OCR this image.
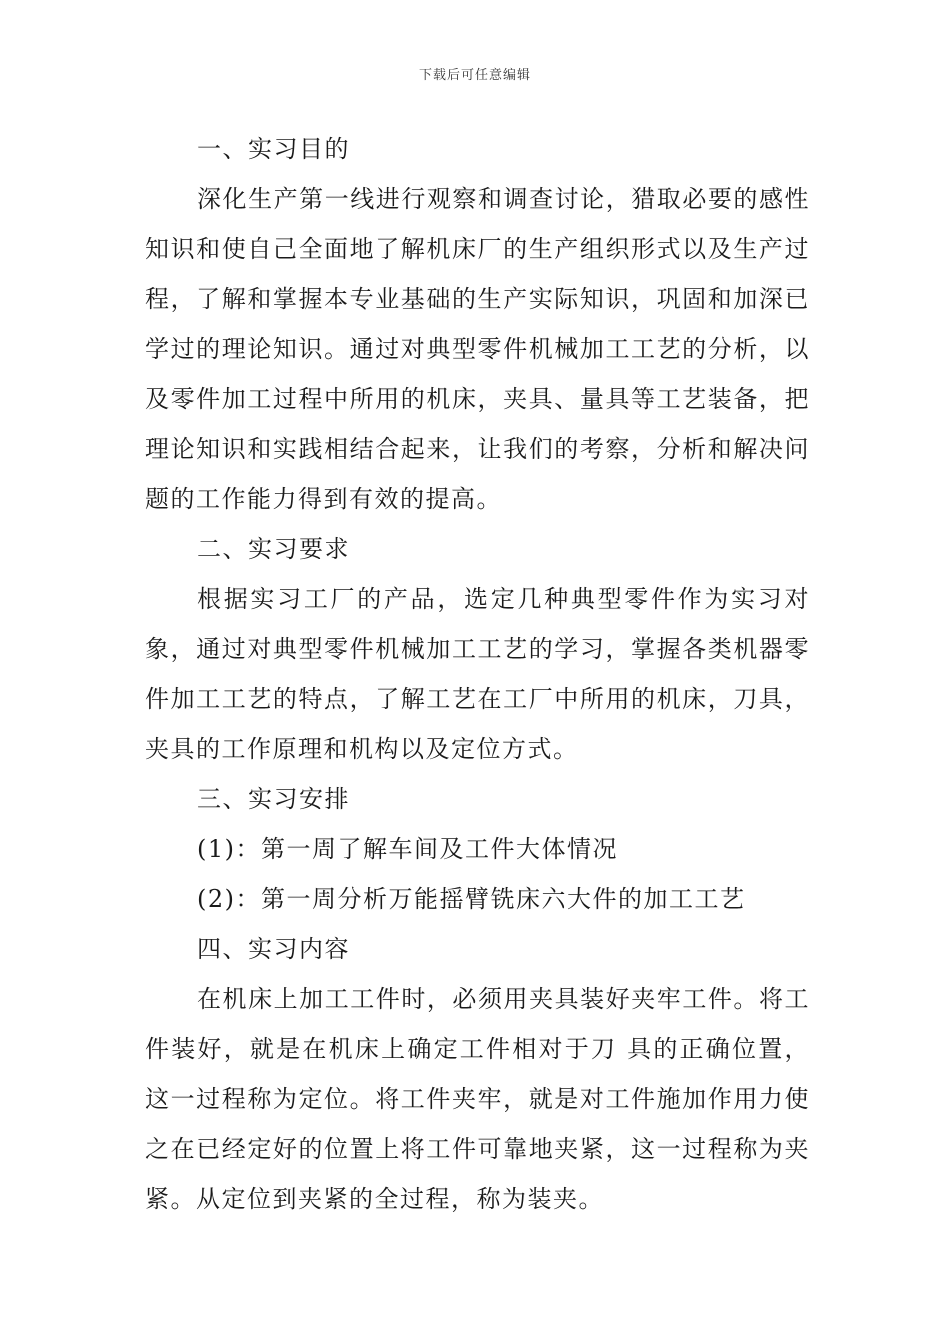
下载后可任意编辑

一、实习目的

深化生产第一线进行观察和调查讨论，猎取必要的感性知识和使自己全面地了解机床厂的生产组织形式以及生产过程，了解和掌握本专业基础的生产实际知识，巩固和加深已学过的理论知识。通过对典型零件机械加工工艺的分析，以及零件加工过程中所用的机床，夹具、量具等工艺装备，把理论知识和实践相结合起来，让我们的考察，分析和解决问题的工作能力得到有效的提高。

二、实习要求

根据实习工厂的产品，选定几种典型零件作为实习对象，通过对典型零件机械加工工艺的学习，掌握各类机器零件加工工艺的特点，了解工艺在工厂中所用的机床，刀具，夹具的工作原理和机构以及定位方式。

三、实习安排

(1)：第一周了解车间及工件大体情况

(2)：第一周分析万能摇臂铣床六大件的加工工艺

四、实习内容

在机床上加工工件时，必须用夹具装好夹牢工件。将工件装好，就是在机床上确定工件相对于刀 具的正确位置，这一过程称为定位。将工件夹牢，就是对工件施加作用力使之在已经定好的位置上将工件可靠地夹紧，这一过程称为夹紧。从定位到夹紧的全过程，称为装夹。
